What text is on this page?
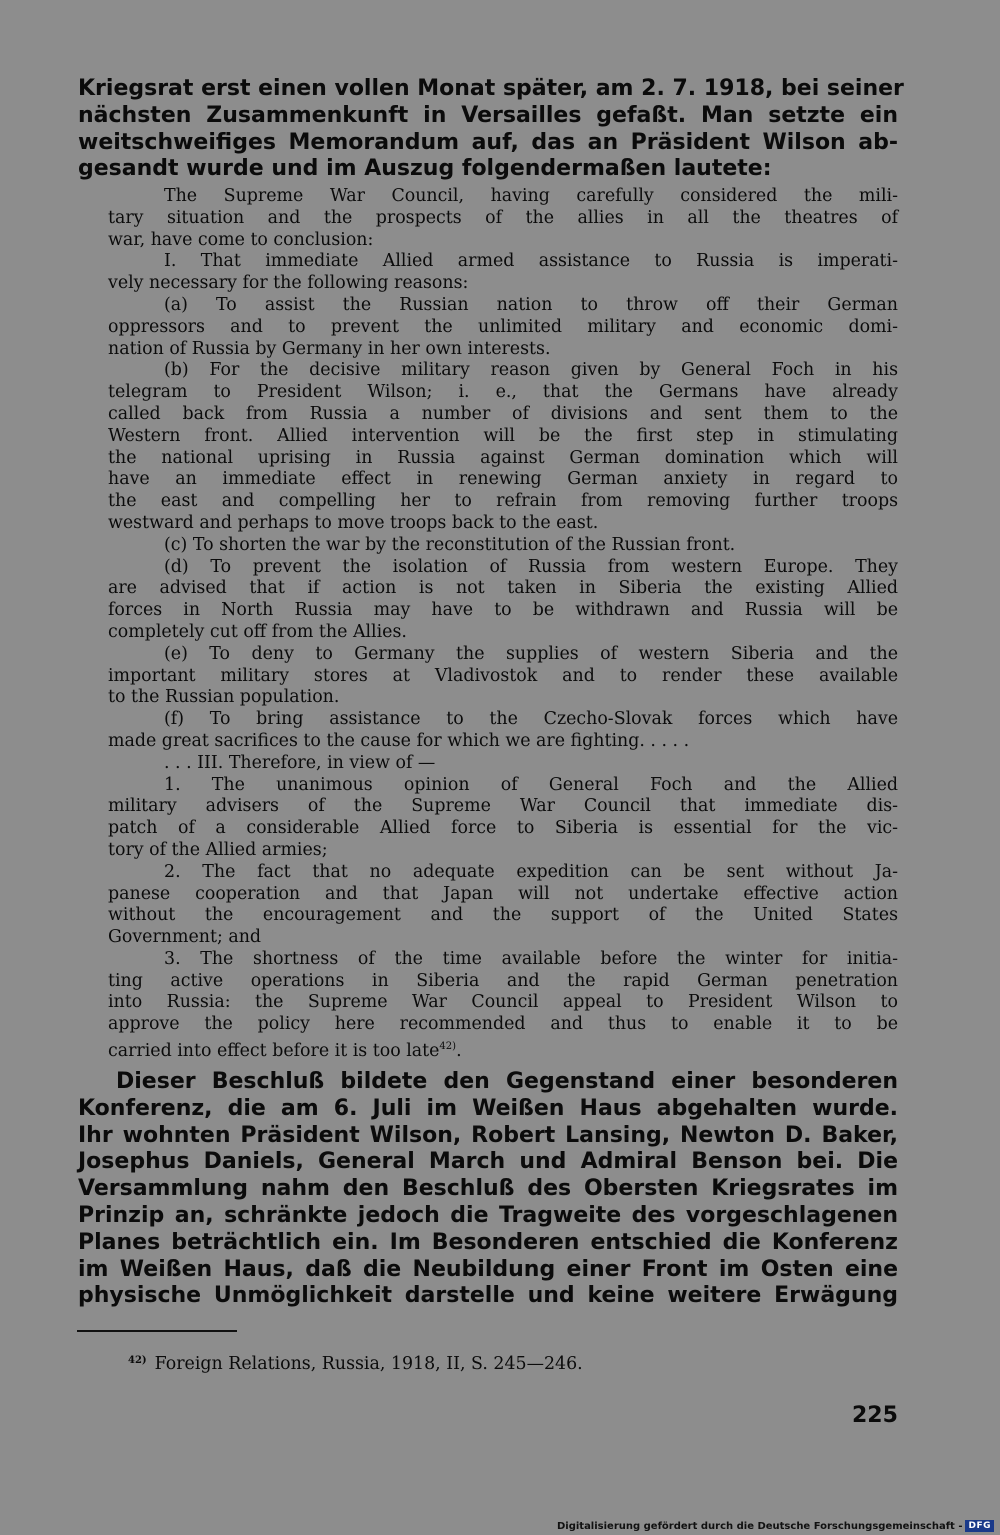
Kriegsrat erst einen vollen Monat später, am 2. 7. 1918, bei seiner
nächsten Zusammenkunft in Versailles gefaßt. Man setzte ein
weitschweifiges Memorandum auf, das an Präsident Wilson ab-
gesandt wurde und im Auszug folgendermaßen lautete:
The Supreme War Council, having carefully considered the mili-
tary situation and the prospects of the allies in all the theatres of
war, have come to conclusion:
I. That immediate Allied armed assistance to Russia is imperati-
vely necessary for the following reasons:
(a) To assist the Russian nation to throw off their German
oppressors and to prevent the unlimited military and economic domi-
nation of Russia by Germany in her own interests.
(b) For the decisive military reason given by General Foch in his
telegram to President Wilson; i. e., that the Germans have already
called back from Russia a number of divisions and sent them to the
Western front. Allied intervention will be the first step in stimulating
the national uprising in Russia against German domination which will
have an immediate effect in renewing German anxiety in regard to
the east and compelling her to refrain from removing further troops
westward and perhaps to move troops back to the east.
(c) To shorten the war by the reconstitution of the Russian front.
(d) To prevent the isolation of Russia from western Europe. They
are advised that if action is not taken in Siberia the existing Allied
forces in North Russia may have to be withdrawn and Russia will be
completely cut off from the Allies.
(e) To deny to Germany the supplies of western Siberia and the
important military stores at Vladivostok and to render these available
to the Russian population.
(f) To bring assistance to the Czecho-Slovak forces which have
made great sacrifices to the cause for which we are fighting. . . . .
. . . III. Therefore, in view of —
1. The unanimous opinion of General Foch and the Allied
military advisers of the Supreme War Council that immediate dis-
patch of a considerable Allied force to Siberia is essential for the vic-
tory of the Allied armies;
2. The fact that no adequate expedition can be sent without Ja-
panese cooperation and that Japan will not undertake effective action
without the encouragement and the support of the United States
Government; and
3. The shortness of the time available before the winter for initia-
ting active operations in Siberia and the rapid German penetration
into Russia: the Supreme War Council appeal to President Wilson to
approve the policy here recommended and thus to enable it to be
carried into effect before it is too late$^{42)}$.
Dieser Beschluß bildete den Gegenstand einer besonderen
Konferenz, die am 6. Juli im Weißen Haus abgehalten wurde.
Ihr wohnten Präsident Wilson, Robert Lansing, Newton D. Baker,
Josephus Daniels, General March und Admiral Benson bei. Die
Versammlung nahm den Beschluß des Obersten Kriegsrates im
Prinzip an, schränkte jedoch die Tragweite des vorgeschlagenen
Planes beträchtlich ein. Im Besonderen entschied die Konferenz
im Weißen Haus, daß die Neubildung einer Front im Osten eine
physische Unmöglichkeit darstelle und keine weitere Erwägung
$^{42)}$ Foreign Relations, Russia, 1918, II, S. 245—246.
225
Digitalisierung gefördert durch die Deutsche Forschungsgemeinschaft - DFG
